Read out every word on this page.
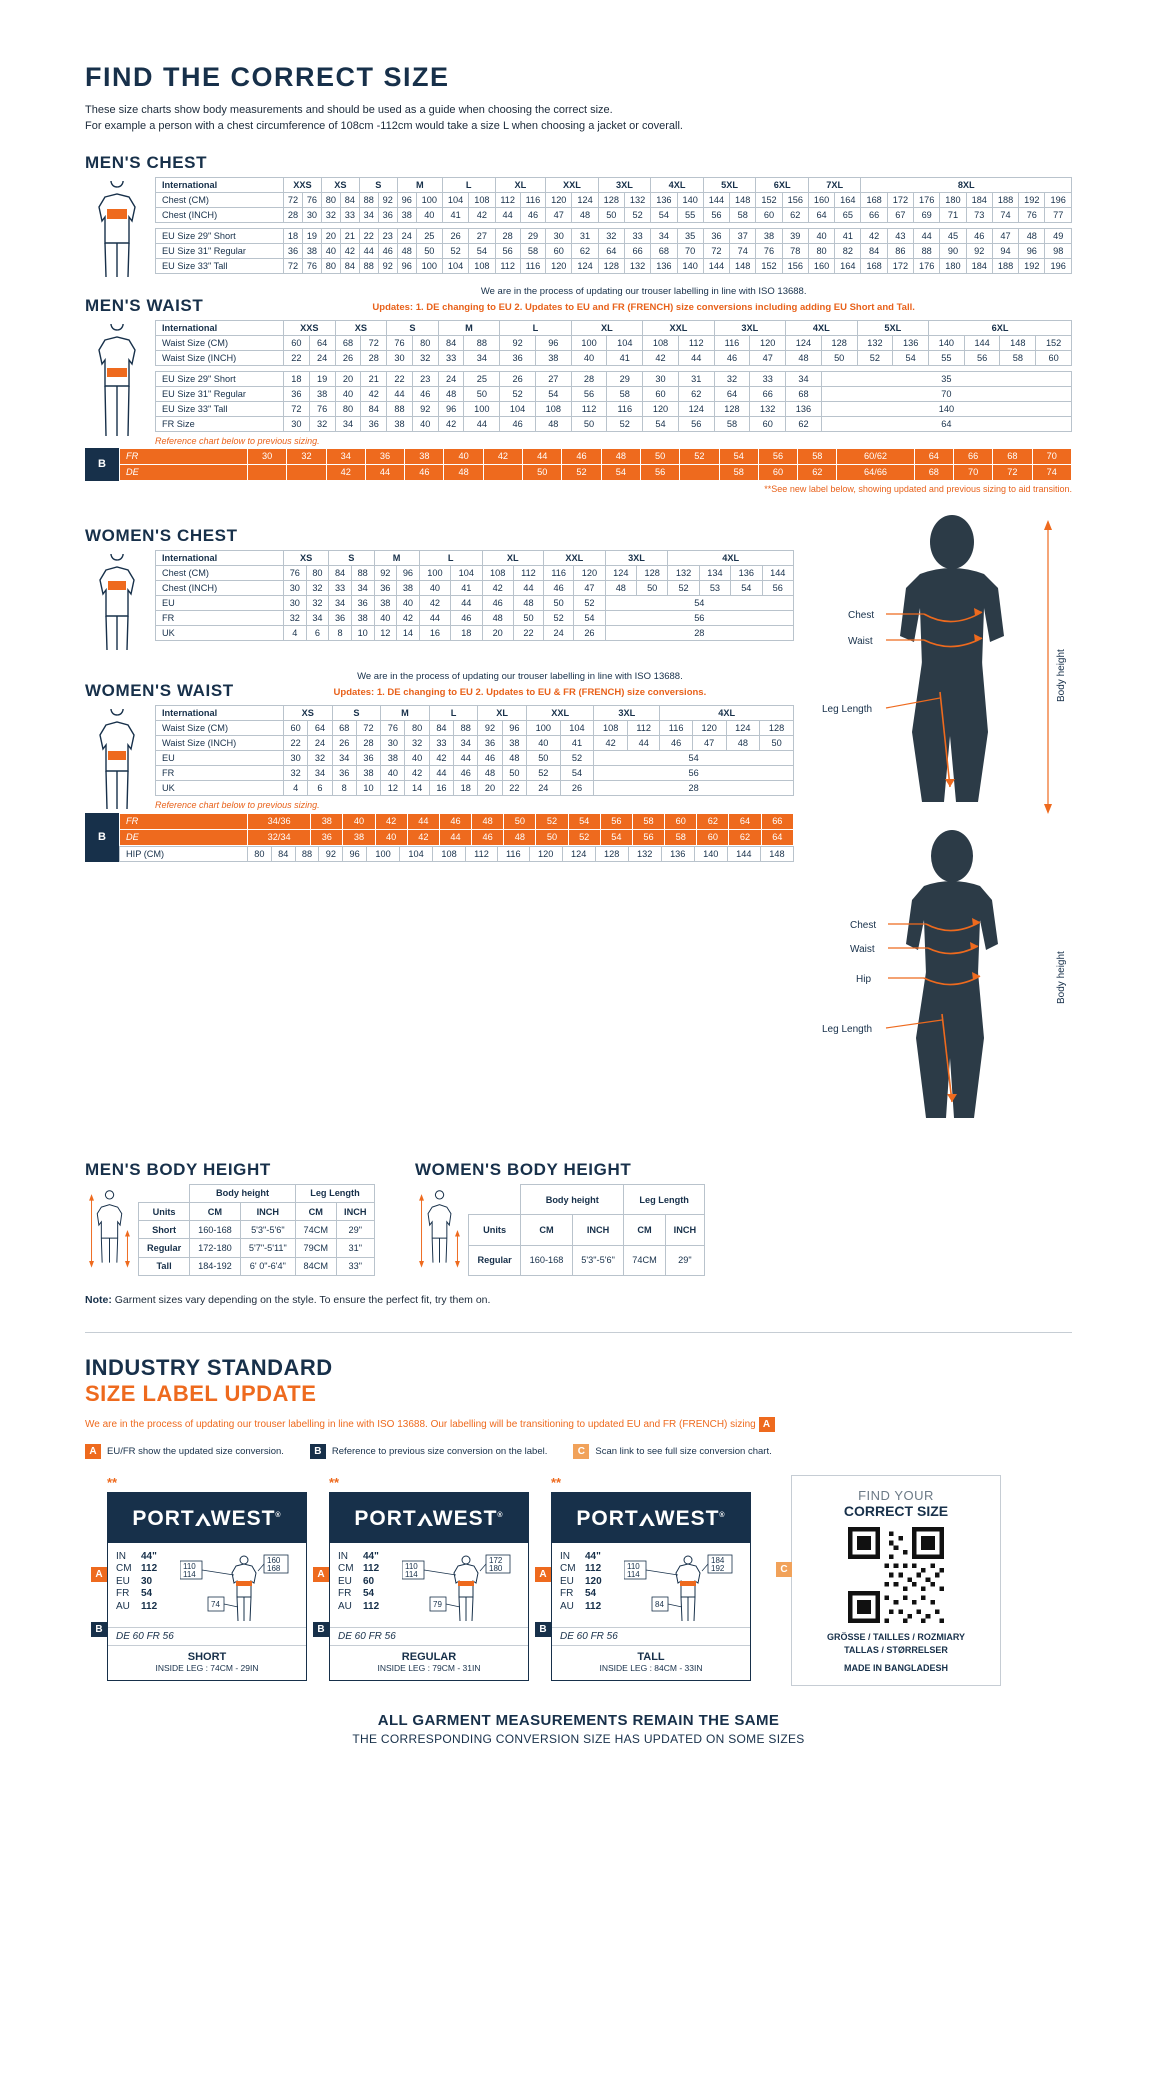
FIND THE CORRECT SIZE
These size charts show body measurements and should be used as a guide when choosing the correct size.
For example a person with a chest circumference of 108cm -112cm would take a size L when choosing a jacket or coverall.
MEN'S CHEST
International	XXS		XS		S		M		L		XL		XXL		3XL		4XL		5XL		6XL		7XL		8XL							
Chest (CM)	72	76	80	84	88	92	96	100	104	108	112	116	120	124	128	132	136	140	144	148	152	156	160	164	168	172	176	180	184	188	192	196
Chest (INCH)	28	30	32	33	34	36	38	40	41	42	44	46	47	48	50	52	54	55	56	58	60	62	64	65	66	67	69	71	73	74	76	77

EU Size 29" Short	18	19	20	21	22	23	24	25	26	27	28	29	30	31	32	33	34	35	36	37	38	39	40	41	42	43	44	45	46	47	48	49
EU Size 31" Regular	36	38	40	42	44	46	48	50	52	54	56	58	60	62	64	66	68	70	72	74	76	78	80	82	84	86	88	90	92	94	96	98
EU Size 33" Tall	72	76	80	84	88	92	96	100	104	108	112	116	120	124	128	132	136	140	144	148	152	156	160	164	168	172	176	180	184	188	192	196
MEN'S WAIST
We are in the process of updating our trouser labelling in line with ISO 13688.
Updates: 1. DE changing to EU 2. Updates to EU and FR (FRENCH) size conversions including adding EU Short and Tall.
International	XXS		XS		S		M		L		XL		XXL		3XL		4XL		5XL		6XL			
Waist Size (CM)	60	64	68	72	76	80	84	88	92	96	100	104	108	112	116	120	124	128	132	136	140	144	148	152
Waist Size (INCH)	22	24	26	28	30	32	33	34	36	38	40	41	42	44	46	47	48	50	52	54	55	56	58	60

EU Size 29" Short	18	19	20	21	22	23	24	25	26	27	28	29	30	31	32	33	34	35						
EU Size 31" Regular	36	38	40	42	44	46	48	50	52	54	56	58	60	62	64	66	68	70						
EU Size 33" Tall	72	76	80	84	88	92	96	100	104	108	112	116	120	124	128	132	136	140						
FR Size	30	32	34	36	38	40	42	44	46	48	50	52	54	56	58	60	62	64						
Reference chart below to previous sizing.
B
FR	30	32	34	36	38	40	42	44	46	48	50	52	54	56	58	60/62	64	66	68	70
DE			42	44	46	48		50	52	54	56		58	60	62	64/66	68	70	72	74
**See new label below, showing updated and previous sizing to aid transition.
WOMEN'S CHEST
International	XS		S		M		L		XL		XXL		3XL		4XL			
Chest (CM)	76	80	84	88	92	96	100	104	108	112	116	120	124	128	132	134	136	144
Chest (INCH)	30	32	33	34	36	38	40	41	42	44	46	47	48	50	52	53	54	56
EU	30	32	34	36	38	40	42	44	46	48	50	52	54					
FR	32	34	36	38	40	42	44	46	48	50	52	54	56					
UK	4	6	8	10	12	14	16	18	20	22	24	26	28					
WOMEN'S WAIST
We are in the process of updating our trouser labelling in line with ISO 13688.
Updates: 1. DE changing to EU 2. Updates to EU & FR (FRENCH) size conversions.
International	XS		S		M		L		XL		XXL		3XL		4XL			
Waist Size (CM)	60	64	68	72	76	80	84	88	92	96	100	104	108	112	116	120	124	128
Waist Size (INCH)	22	24	26	28	30	32	33	34	36	38	40	41	42	44	46	47	48	50
EU	30	32	34	36	38	40	42	44	46	48	50	52	54					
FR	32	34	36	38	40	42	44	46	48	50	52	54	56					
UK	4	6	8	10	12	14	16	18	20	22	24	26	28					
Reference chart below to previous sizing.
B
FR	34/36	38	40	42	44	46	48	50	52	54	56	58	60	62	64	66
DE	32/34	36	38	40	42	44	46	48	50	52	54	56	58	60	62	64
HIP (CM)	80	84	88	92	96	100	104	108	112	116	120	124	128	132	136	140	144	148
Chest
Waist
Leg Length
Body height
Chest
Waist
Hip
Leg Length
Body height
MEN'S BODY HEIGHT
	Body height		Leg Length	
Units	CM	INCH	CM	INCH
Short	160-168	5'3"-5'6"	74CM	29"
Regular	172-180	5'7"-5'11"	79CM	31"
Tall	184-192	6' 0"-6'4"	84CM	33"
WOMEN'S BODY HEIGHT
	Body height		Leg Length	
Units	CM	INCH	CM	INCH
Regular	160-168	5'3"-5'6"	74CM	29"
Note: Garment sizes vary depending on the style. To ensure the perfect fit, try them on.
INDUSTRY STANDARD
SIZE LABEL UPDATE
We are in the process of updating our trouser labelling in line with ISO 13688. Our labelling will be transitioning to updated EU and FR (FRENCH) sizing A
A	EU/FR show the updated size conversion.	B	Reference to previous size conversion on the label.	C	Scan link to see full size conversion chart.
**
A
B
PORT WEST®
IN	44"
CM 112
EU	30
FR	54
AU	112
110
114
160
168
74
DE 60 FR 56
SHORT
INSIDE LEG : 74CM - 29IN
**
A
B
PORT WEST®
IN	44"
CM 112
EU	60
FR	54
AU	112
110
114
172
180
79
DE 60 FR 56
REGULAR
INSIDE LEG : 79CM - 31IN
**
A
B
PORT WEST®
IN	44"
CM 112
EU	120
FR	54
AU	112
110
114
184
192
84
DE 60 FR 56
TALL
INSIDE LEG : 84CM - 33IN
C
FIND YOUR
CORRECT SIZE
GRÖSSE / TAILLES / ROZMIARY
TALLAS / STØRRELSER
MADE IN BANGLADESH
ALL GARMENT MEASUREMENTS REMAIN THE SAME
THE CORRESPONDING CONVERSION SIZE HAS UPDATED ON SOME SIZES
